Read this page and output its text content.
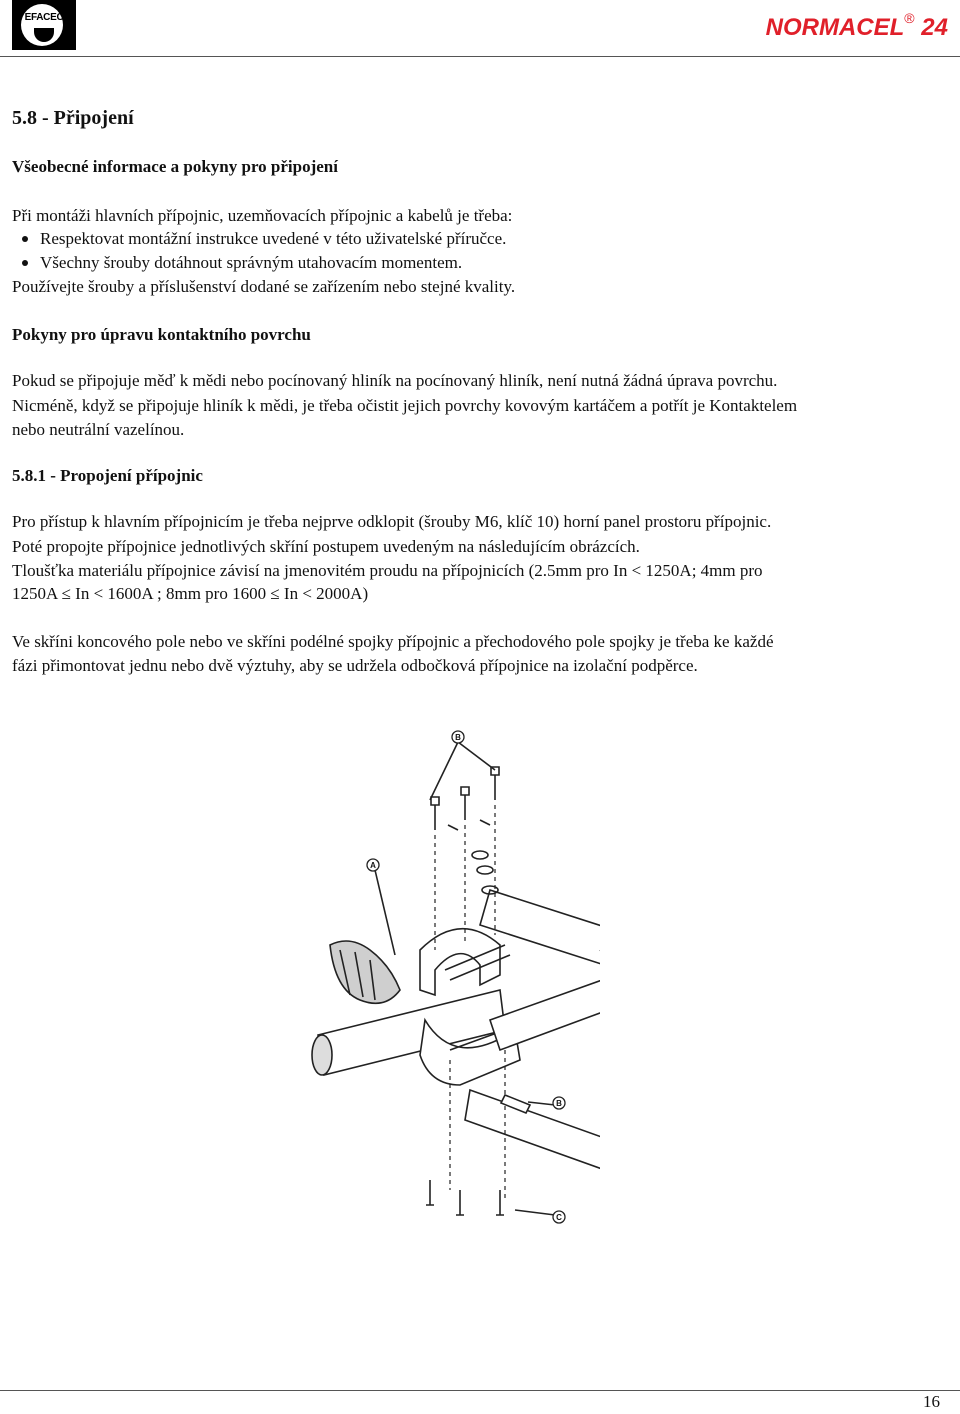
EFACEC	NORMACEL® 24
5.8 - Připojení
Všeobecné informace a pokyny pro připojení
Při montáži hlavních přípojnic, uzemňovacích přípojnic a kabelů je třeba:
Respektovat montážní instrukce uvedené v této uživatelské příručce.
Všechny šrouby dotáhnout správným utahovacím momentem.
Používejte šrouby a příslušenství dodané se zařízením nebo stejné kvality.
Pokyny pro úpravu kontaktního povrchu
Pokud se připojuje měď k mědi nebo pocínovaný hliník na pocínovaný hliník, není nutná žádná úprava povrchu.
Nicméně, když se připojuje hliník k mědi, je třeba očistit jejich povrchy kovovým kartáčem a potřít je Kontaktelem
nebo neutrální vazelínou.
5.8.1 - Propojení přípojnic
Pro přístup k hlavním přípojnicím je třeba nejprve odklopit (šrouby M6, klíč 10) horní panel prostoru přípojnic.
Poté propojte přípojnice jednotlivých skříní postupem uvedeným na následujícím obrázcích.
Tloušťka materiálu přípojnice závisí na jmenovitém proudu na přípojnicích (2.5mm pro In < 1250A; 4mm pro
1250A ≤ In < 1600A ; 8mm pro 1600 ≤ In < 2000A)
Ve skříni koncového pole nebo ve skříni podélné spojky přípojnic a přechodového pole spojky je třeba ke každé
fázi přimontovat jednu nebo dvě výztuhy, aby se udržela odbočková přípojnice na izolační podpěrce.
B
A
B
C
16
